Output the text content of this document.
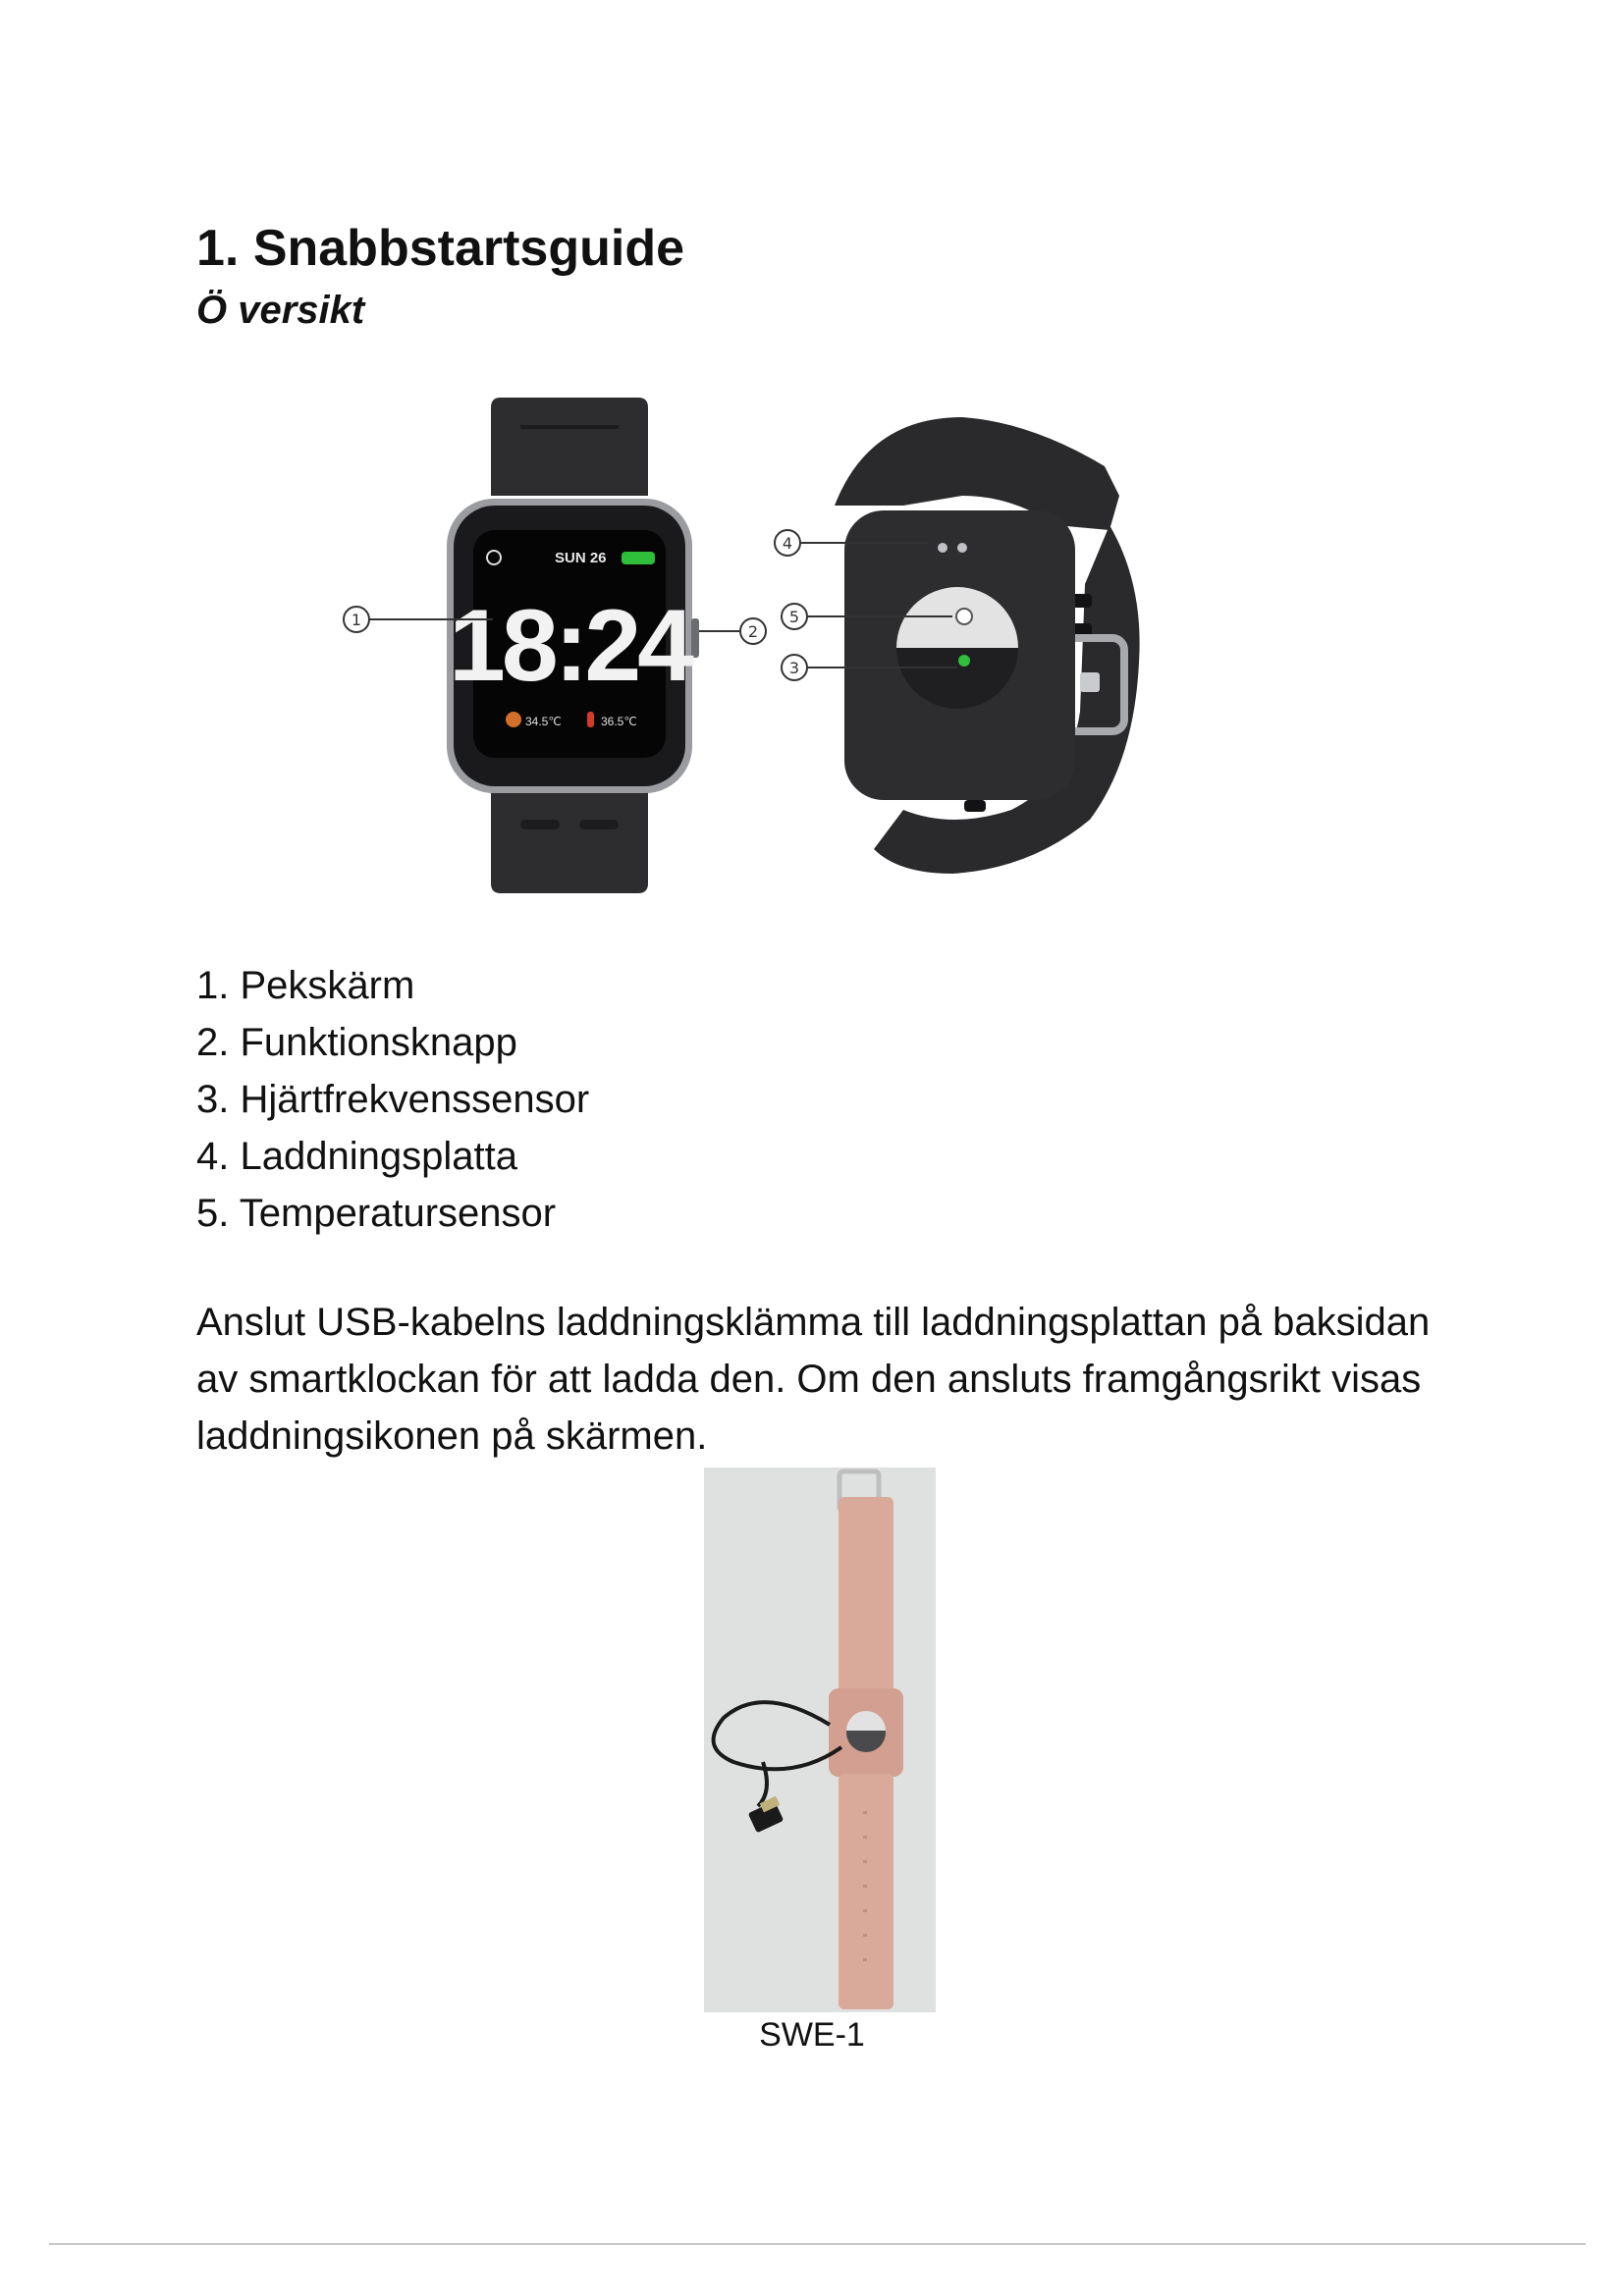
1. Snabbstartsguide
Ö versikt
SUN 26
18:24
34.5℃	36.5℃
1
2
4
5
3
1. Pekskärm
2. Funktionsknapp
3. Hjärtfrekvenssensor
4. Laddningsplatta
5. Temperatursensor

Anslut USB-kabelns laddningsklämma till laddningsplattan på baksidan av smartklockan för att ladda den. Om den ansluts framgångsrikt visas laddningsikonen på skärmen.

SWE-1
